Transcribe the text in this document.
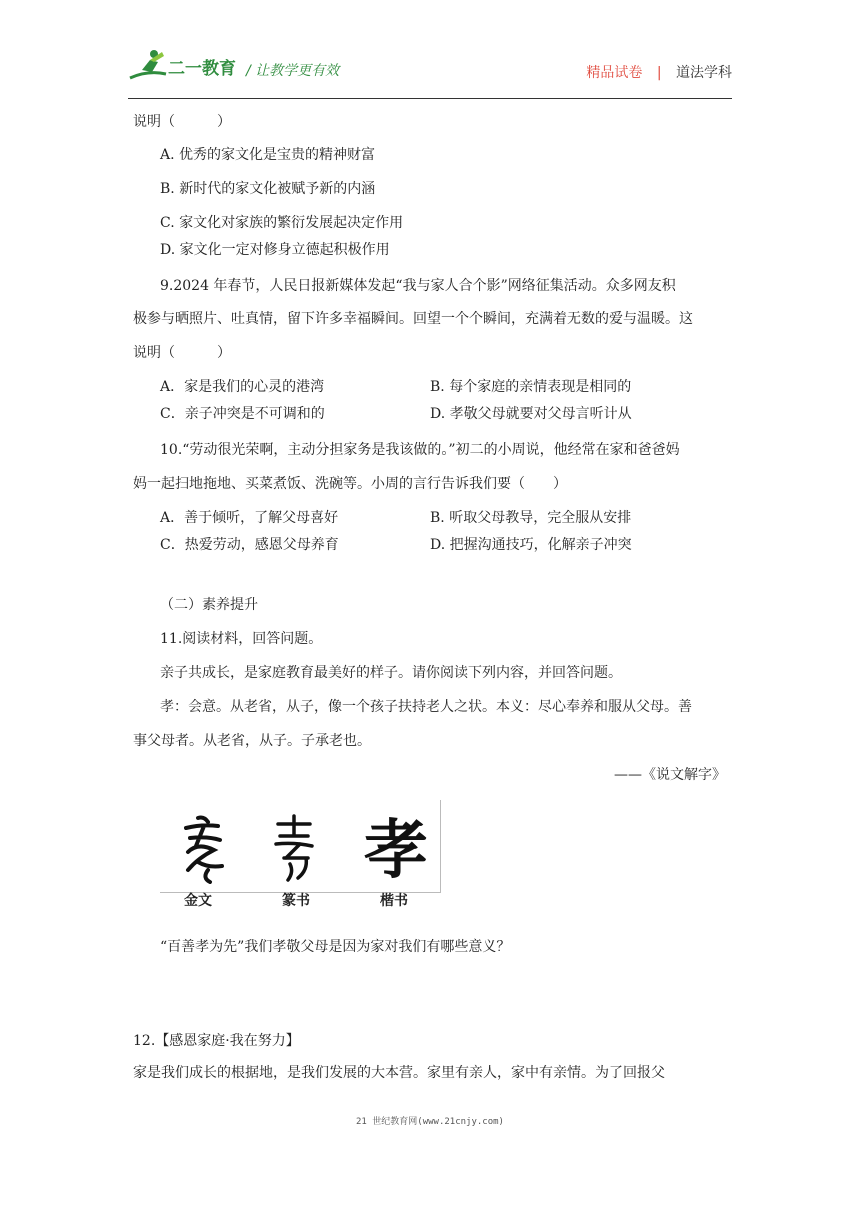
二一教育 / 让教学更有效	精品试卷 | 道法学科
说明（　　　）
A. 优秀的家文化是宝贵的精神财富
B. 新时代的家文化被赋予新的内涵
C. 家文化对家族的繁衍发展起决定作用
D. 家文化一定对修身立德起积极作用
9.2024 年春节，人民日报新媒体发起“我与家人合个影”网络征集活动。众多网友积
极参与晒照片、吐真情，留下许多幸福瞬间。回望一个个瞬间，充满着无数的爱与温暖。这
说明（　　　）
A．家是我们的心灵的港湾	B. 每个家庭的亲情表现是相同的
C．亲子冲突是不可调和的	D. 孝敬父母就要对父母言听计从
10.“劳动很光荣啊，主动分担家务是我该做的。”初二的小周说，他经常在家和爸爸妈
妈一起扫地拖地、买菜煮饭、洗碗等。小周的言行告诉我们要（　　）
A．善于倾听，了解父母喜好	B. 听取父母教导，完全服从安排
C．热爱劳动，感恩父母养育	D. 把握沟通技巧，化解亲子冲突
（二）素养提升
11.阅读材料，回答问题。
亲子共成长，是家庭教育最美好的样子。请你阅读下列内容，并回答问题。
孝：会意。从老省，从子，像一个孩子扶持老人之状。本义：尽心奉养和服从父母。善
事父母者。从老省，从子。子承老也。
——《说文解字》
孝
金文	篆书	楷书
“百善孝为先”我们孝敬父母是因为家对我们有哪些意义？
12.【感恩家庭·我在努力】
家是我们成长的根据地，是我们发展的大本营。家里有亲人，家中有亲情。为了回报父
21 世纪教育网(www.21cnjy.com)
